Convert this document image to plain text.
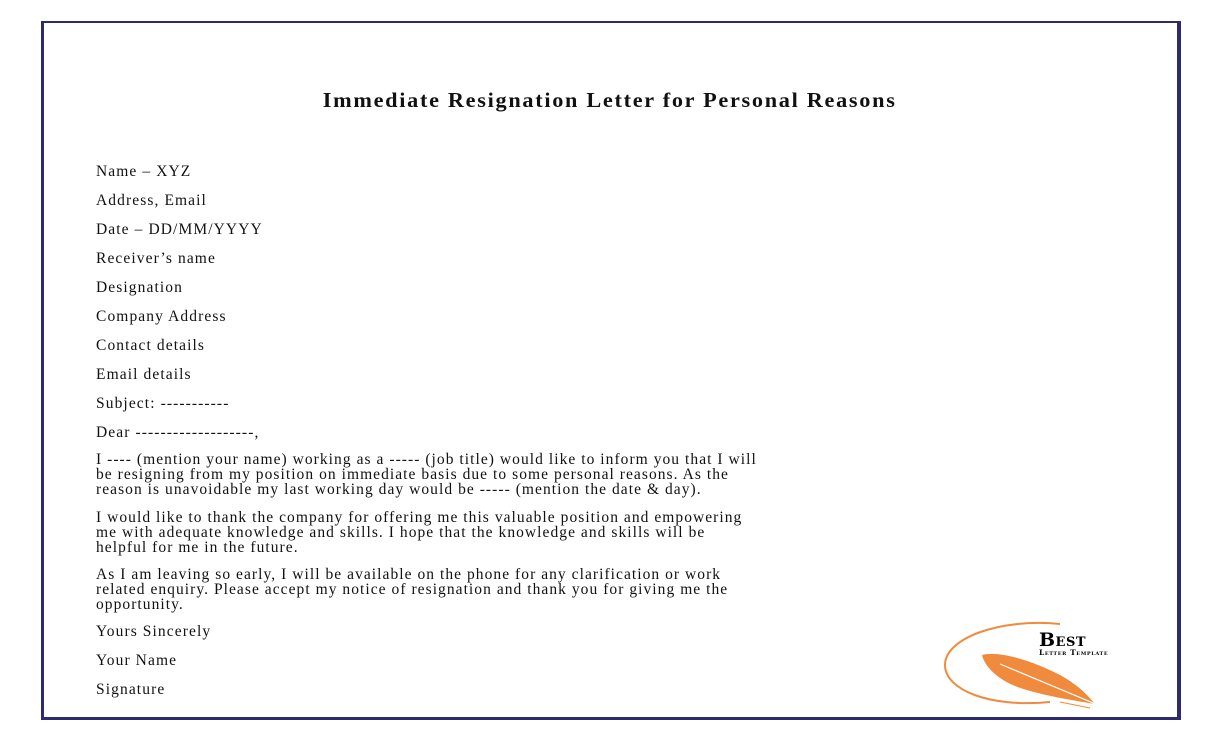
Immediate Resignation Letter for Personal Reasons
Name – XYZ
Address, Email
Date – DD/MM/YYYY
Receiver’s name
Designation
Company Address
Contact details
Email details
Subject: -----------
Dear -------------------,
I ---- (mention your name) working as a ----- (job title) would like to inform you that I will
be resigning from my position on immediate basis due to some personal reasons. As the
reason is unavoidable my last working day would be ----- (mention the date & day).
I would like to thank the company for offering me this valuable position and empowering
me with adequate knowledge and skills. I hope that the knowledge and skills will be
helpful for me in the future.
As I am leaving so early, I will be available on the phone for any clarification or work
related enquiry. Please accept my notice of resignation and thank you for giving me the
opportunity.
Yours Sincerely
Your Name
Signature
Best
Letter Template
